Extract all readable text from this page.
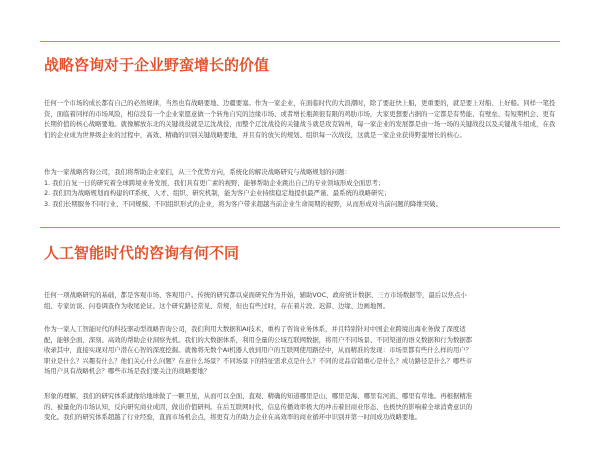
战略咨询对于企业野蛮增长的价值

任何一个市场的成长都有自己的必然规律，当然也有战略要地、边疆要塞。作为一家企业，在面临时代的大浪潮时，除了要赶快上船，更重要的，就是要上对船、上好船。同样一笔投资，面临着同样的市场风险，相信没有一个企业家愿意做一个转角自究的边缘市场、或者增长瓶颈很有限的鸡肋市场，大家更想要占据的一定都是有势能、有壁垒、有短期机会、更有长期价值的核心战略要地。就像解放东北的关键战役就是辽沈战役，而整个辽沈战役的关键战斗就是攻克锦州，每一家企业的发展都是由一场一场的关键战役以及关键战斗组成，在我们的企业成为世界级企业的过程中，高效、精确的识别关键战略要地，并且有的放矢的规划、组织每一次战役，这就是一家企业获得野蛮增长的核心。

作为一家战略咨询公司，我们将帮助企业家们，从三个优势方向，系统化的解决战略研究与战略规划的问题：
1. 我们自复一日的研究着全球跨境业务发展，我们具有更广素的视野，能够帮助企业跳出自己的专业领域形成全面思考；
2. 我们因为战略规划而构建的IT系统、人才、组织、研究机制，能为客户企业持续稳定地提供最严谨、最系统的战略研究；
3. 我们长期服务不同行业、不同规模、不同组织形式的企业，将为客户带来超越当前企业生命周期的视野，从而形成对当前问题的降维突破。
人工智能时代的咨询有何不同
任何一项战略研究的基础，都是客观市场、客观用户。传统的研究都以桌面研究作为开始，辅助VOC、政府统计数据、三方市场数据等，最后以焦点小
组、专家访谈、问卷调查作为收尾论证。这个研究路径常见、常规，但也有些过时，存在着片段、迟滞、边缘、边画地图。
作为一家人工智能时代的科技驱动型战略咨询公司，我们利用大数据和AI技术，重构了咨询业务体系，并且特别针对中国企业跨境出海业务做了深度适
配，能够全面、深刻、高效的帮助企业洞察先机。我们的大数据体系，利用全量的公域互联网数据，将用户不同场景、不同渠道的语义数据和行为数据都
收录其中，直接实现对用户潜在心智的深度挖掘。就像将无数个AI机器人放到用户的互联网使用路径中，从而精准的发现：市场里都有些什么样的用户？
职业是什么？兴趣有什么？他们关心什么问题？在意什么场景？不同场景下的特征需求点是什么？不同的竞品营销重心是什么？成功路径是什么？哪些市
场用户具有战略机会？哪些市场是我们要关注的战略要地？
形象的理解，我们的研究体系就像给地球做了一颗卫星，从而可以全面、直观、精确的知道哪里是山、哪里是海、哪里有河流、哪里有草地。再根据精准
的、被量化的市场认知，反向研究商业成因，做出价值研判。在后互联网时代，信息传播效率极大的冲击着旧商业形态、也极快的影响着全球消费意识的
变化。我们的研究体系超越了行业经验，直面市场机会点，将更有力的助力企业在高效率的商业循环中识别并第一时间成功战略要地。
